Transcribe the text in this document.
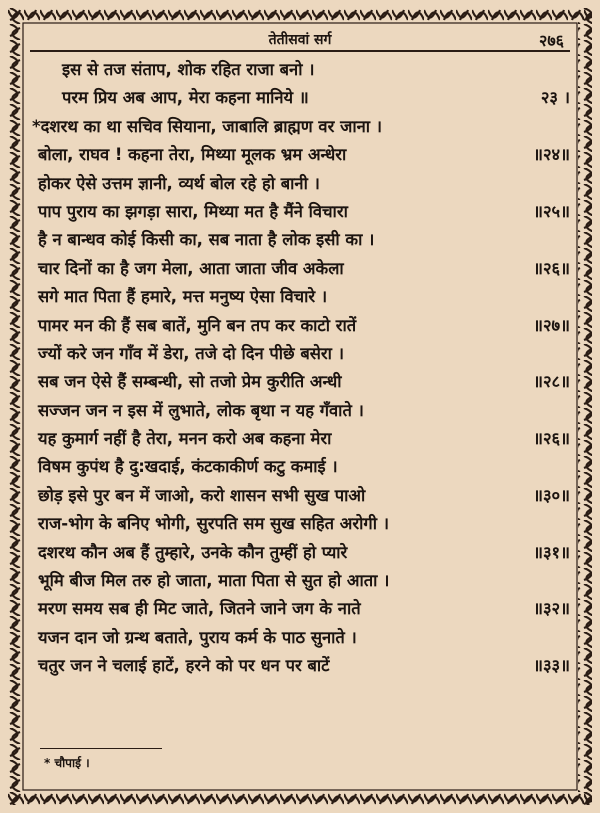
तेतीसवां सर्ग	२७६
इस से तज संताप, शोक रहित राजा बनो ।
परम प्रिय अब आप, मेरा कहना मानिये ॥	२३ ।
*दशरथ का था सचिव सियाना, जाबालि ब्राह्मण वर जाना ।
बोला, राघव ! कहना तेरा, मिथ्या मूलक भ्रम अन्धेरा	॥२४॥
होकर ऐसे उत्तम ज्ञानी, व्यर्थ बोल रहे हो बानी ।
पाप पुराय का झगड़ा सारा, मिथ्या मत है मैंने विचारा	॥२५॥
है न बान्धव कोई किसी का, सब नाता है लोक इसी का ।
चार दिनों का है जग मेला, आता जाता जीव अकेला	॥२६॥
सगे मात पिता हैं हमारे, मत्त मनुष्य ऐसा विचारे ।
पामर मन की हैं सब बातें, मुनि बन तप कर काटो रातें	॥२७॥
ज्यों करे जन गाँव में डेरा, तजे दो दिन पीछे बसेरा ।
सब जन ऐसे हैं सम्बन्धी, सो तजो प्रेम कुरीति अन्धी	॥२८॥
सज्जन जन न इस में लुभाते, लोक बृथा न यह गँवाते ।
यह कुमार्ग नहीं है तेरा, मनन करो अब कहना मेरा	॥२६॥
विषम कुपंथ है दु:खदाई, कंटकाकीर्ण कटु कमाई ।
छोड़ इसे पुर बन में जाओ, करो शासन सभी सुख पाओ	॥३०॥
राज-भोग के बनिए भोगी, सुरपति सम सुख सहित अरोगी ।
दशरथ कौन अब हैं तुम्हारे, उनके कौन तुम्हीं हो प्यारे	॥३१॥
भूमि बीज मिल तरु हो जाता, माता पिता से सुत हो आता ।
मरण समय सब ही मिट जाते, जितने जाने जग के नाते	॥३२॥
यजन दान जो ग्रन्थ बताते, पुराय कर्म के पाठ सुनाते ।
चतुर जन ने चलाई हाटें, हरने को पर धन पर बाटें	॥३३॥
* चौपाई ।
